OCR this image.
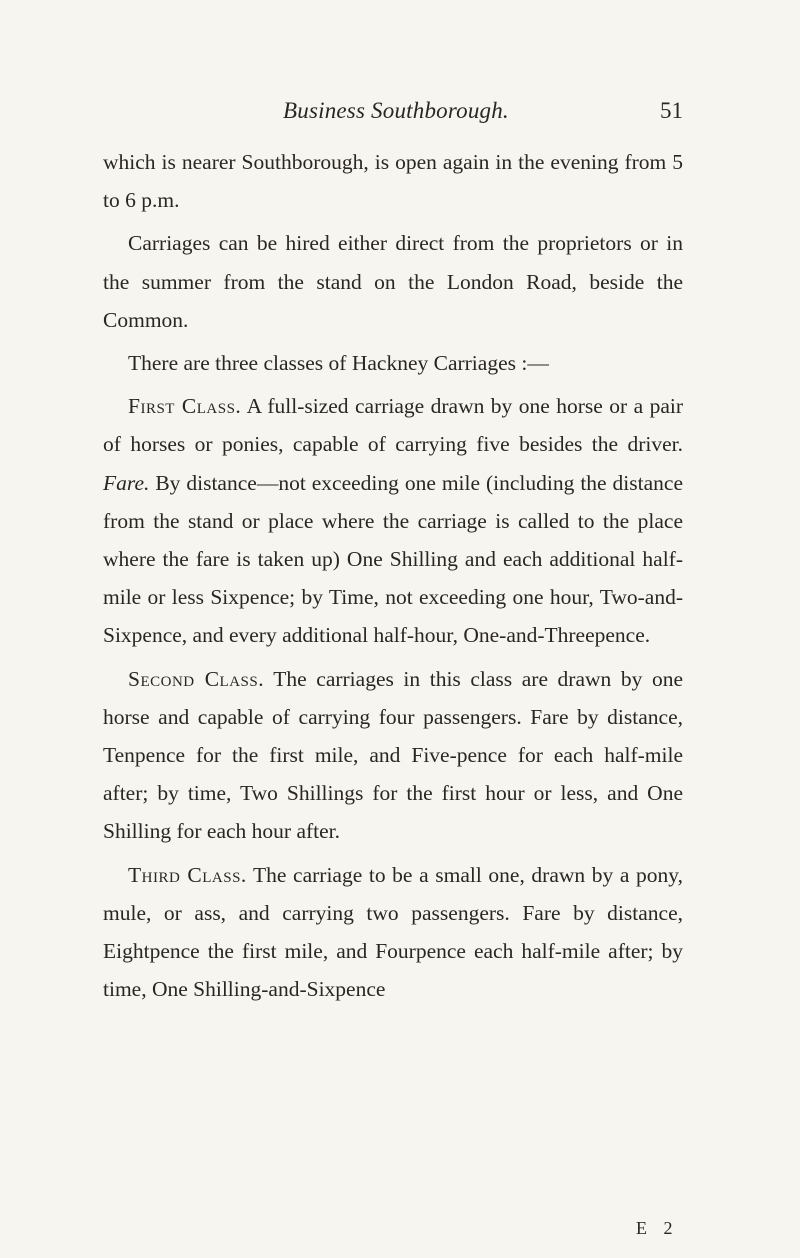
Business Southborough.	51

which is nearer Southborough, is open again in the evening from 5 to 6 p.m.

Carriages can be hired either direct from the proprietors or in the summer from the stand on the London Road, beside the Common.

There are three classes of Hackney Carriages :—

First Class. A full-sized carriage drawn by one horse or a pair of horses or ponies, capable of carrying five besides the driver. Fare. By distance—not exceeding one mile (including the distance from the stand or place where the carriage is called to the place where the fare is taken up) One Shilling and each additional half-mile or less Sixpence; by Time, not exceeding one hour, Two-and-Sixpence, and every additional half-hour, One-and-Threepence.

Second Class. The carriages in this class are drawn by one horse and capable of carrying four passengers. Fare by distance, Tenpence for the first mile, and Five-pence for each half-mile after; by time, Two Shillings for the first hour or less, and One Shilling for each hour after.

Third Class. The carriage to be a small one, drawn by a pony, mule, or ass, and carrying two passengers. Fare by distance, Eightpence the first mile, and Fourpence each half-mile after; by time, One Shilling-and-Sixpence

E 2
